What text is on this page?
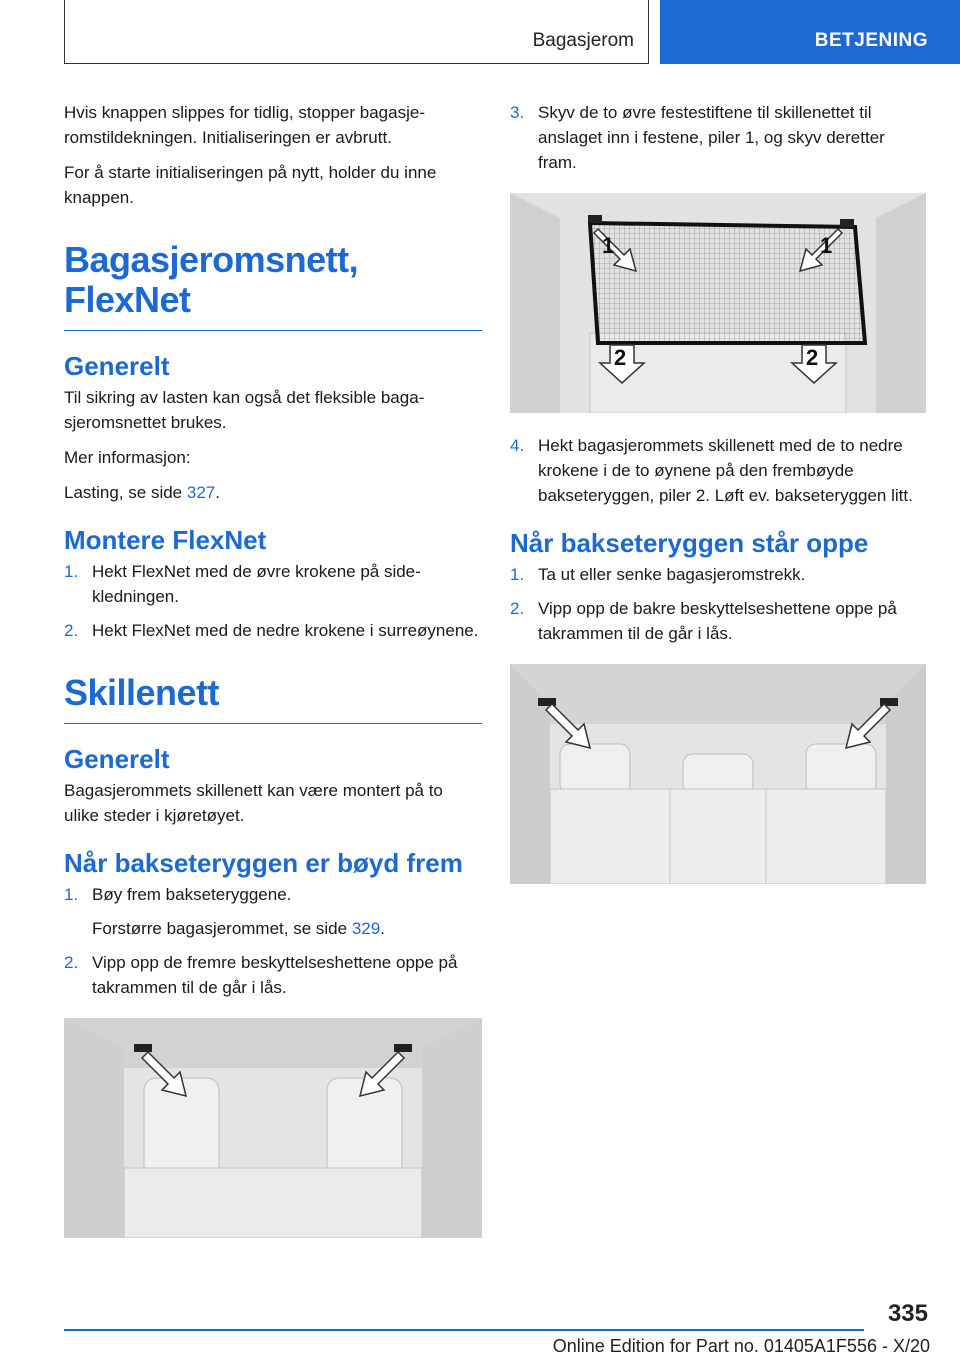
Bagasjerom	BETJENING

Hvis knappen slippes for tidlig, stopper bagasjeromstildekningen. Initialiseringen er avbrutt.

For å starte initialiseringen på nytt, holder du inne knappen.

Bagasjeromsnett, FlexNet
Generelt

Til sikring av lasten kan også det fleksible bagasjeromsnettet brukes.

Mer informasjon:

Lasting, se side 327.

Montere FlexNet
1. Hekt FlexNet med de øvre krokene på sidekledningen.
2. Hekt FlexNet med de nedre krokene i surreøynene.
Skillenett
Generelt

Bagasjerommets skillenett kan være montert på to ulike steder i kjøretøyet.

Når bakseteryggen er bøyd frem
1. Bøy frem bakseteryggene.
Forstørre bagasjerommet, se side 329.
2. Vipp opp de fremre beskyttelseshettene oppe på takrammen til de går i lås.
3. Skyv de to øvre festestiftene til skillenettet til anslaget inn i festene, piler 1, og skyv deretter fram.
1	1
2	2
4. Hekt bagasjerommets skillenett med de to nedre krokene i de to øynene på den frembøyde bakseteryggen, piler 2. Løft ev. bakseteryggen litt.
Når bakseteryggen står oppe
1. Ta ut eller senke bagasjeromstrekk.
2. Vipp opp de bakre beskyttelseshettene oppe på takrammen til de går i lås.
335
Online Edition for Part no. 01405A1F556 - X/20
